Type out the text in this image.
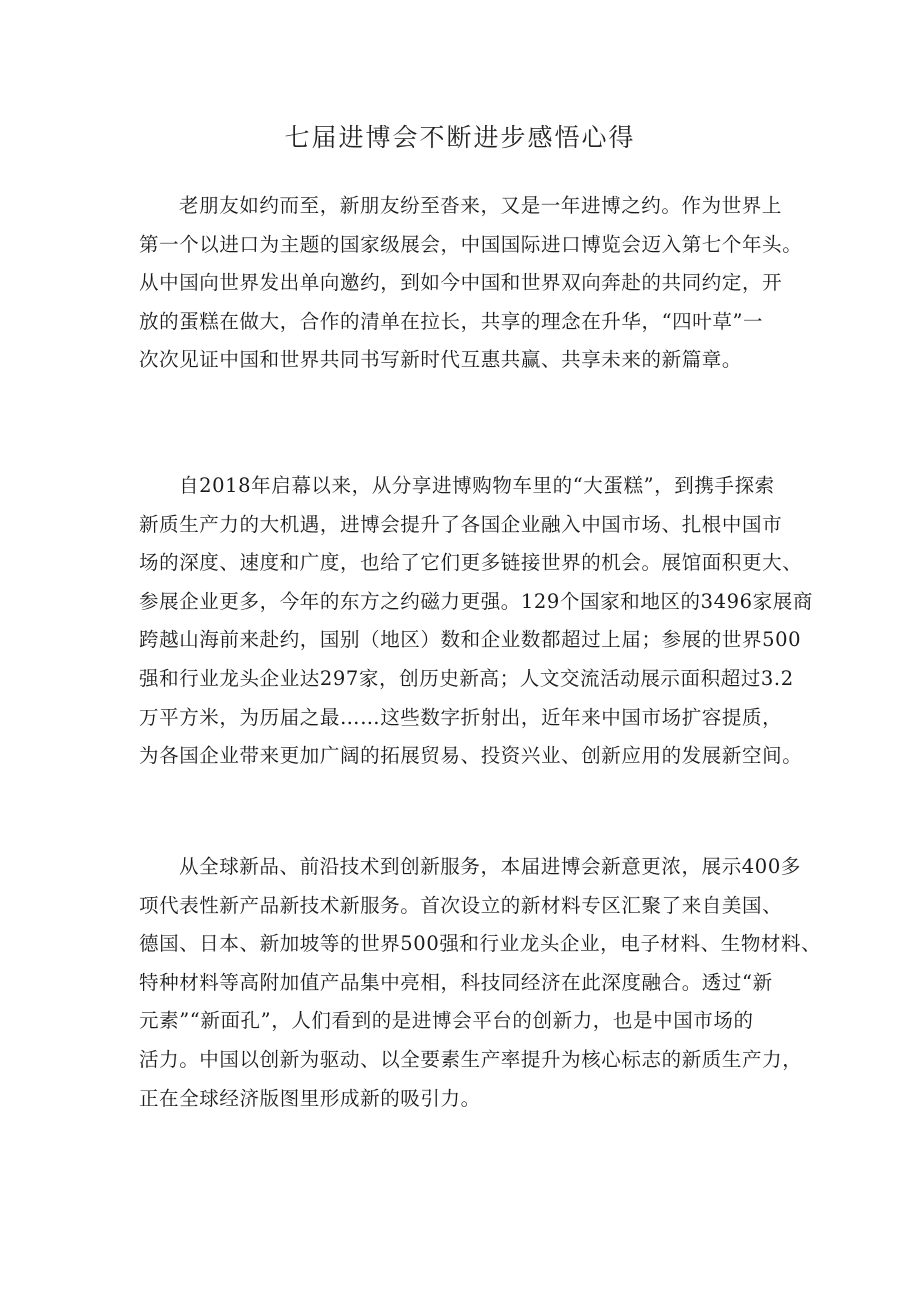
七届进博会不断进步感悟心得

老朋友如约而至，新朋友纷至沓来，又是一年进博之约。作为世界上
第一个以进口为主题的国家级展会，中国国际进口博览会迈入第七个年头。
从中国向世界发出单向邀约，到如今中国和世界双向奔赴的共同约定，开
放的蛋糕在做大，合作的清单在拉长，共享的理念在升华，“四叶草”一
次次见证中国和世界共同书写新时代互惠共赢、共享未来的新篇章。

自2018年启幕以来，从分享进博购物车里的“大蛋糕”，到携手探索
新质生产力的大机遇，进博会提升了各国企业融入中国市场、扎根中国市
场的深度、速度和广度，也给了它们更多链接世界的机会。展馆面积更大、
参展企业更多，今年的东方之约磁力更强。129个国家和地区的3496家展商
跨越山海前来赴约，国别（地区）数和企业数都超过上届；参展的世界500
强和行业龙头企业达297家，创历史新高；人文交流活动展示面积超过3.2
万平方米，为历届之最……这些数字折射出，近年来中国市场扩容提质，
为各国企业带来更加广阔的拓展贸易、投资兴业、创新应用的发展新空间。

从全球新品、前沿技术到创新服务，本届进博会新意更浓，展示400多
项代表性新产品新技术新服务。首次设立的新材料专区汇聚了来自美国、
德国、日本、新加坡等的世界500强和行业龙头企业，电子材料、生物材料、
特种材料等高附加值产品集中亮相，科技同经济在此深度融合。透过“新
元素”“新面孔”，人们看到的是进博会平台的创新力，也是中国市场的
活力。中国以创新为驱动、以全要素生产率提升为核心标志的新质生产力，
正在全球经济版图里形成新的吸引力。
